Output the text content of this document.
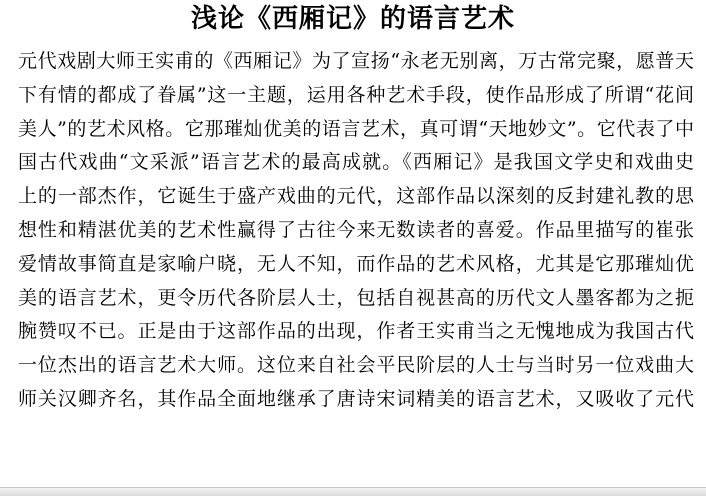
浅论《西厢记》的语言艺术
元代戏剧大师王实甫的《西厢记》为了宣扬“永老无别离，万古常完聚，愿普天
下有情的都成了眷属”这一主题，运用各种艺术手段，使作品形成了所谓“花间
美人”的艺术风格。它那璀灿优美的语言艺术，真可谓“天地妙文”。它代表了中
国古代戏曲“文采派”语言艺术的最高成就。《西厢记》是我国文学史和戏曲史
上的一部杰作，它诞生于盛产戏曲的元代，这部作品以深刻的反封建礼教的思
想性和精湛优美的艺术性赢得了古往今来无数读者的喜爱。作品里描写的崔张
爱情故事简直是家喻户晓，无人不知，而作品的艺术风格，尤其是它那璀灿优
美的语言艺术，更令历代各阶层人士，包括自视甚高的历代文人墨客都为之扼
腕赞叹不已。正是由于这部作品的出现，作者王实甫当之无愧地成为我国古代
一位杰出的语言艺术大师。这位来自社会平民阶层的人士与当时另一位戏曲大
师关汉卿齐名，其作品全面地继承了唐诗宋词精美的语言艺术，又吸收了元代
